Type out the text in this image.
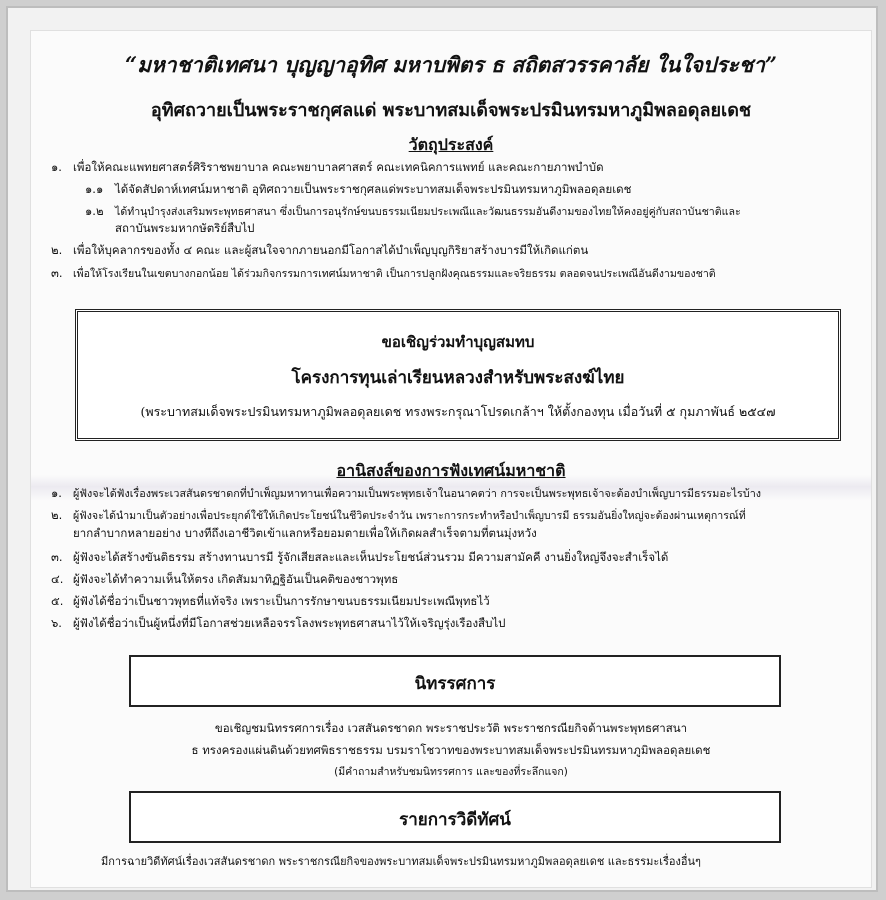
“มหาชาติเทศนา บุญญาอุทิศ มหาบพิตร ธ สถิตสวรรคาลัย ในใจประชา”
อุทิศถวายเป็นพระราชกุศลแด่ พระบาทสมเด็จพระปรมินทรมหาภูมิพลอดุลยเดช
วัตถุประสงค์
๑. เพื่อให้คณะแพทยศาสตร์ศิริราชพยาบาล คณะพยาบาลศาสตร์ คณะเทคนิคการแพทย์ และคณะกายภาพบำบัด
๑.๑ ได้จัดสัปดาห์เทศน์มหาชาติ อุทิศถวายเป็นพระราชกุศลแด่พระบาทสมเด็จพระปรมินทรมหาภูมิพลอดุลยเดช
๑.๒ ได้ทำนุบำรุงส่งเสริมพระพุทธศาสนา ซึ่งเป็นการอนุรักษ์ขนบธรรมเนียมประเพณีและวัฒนธรรมอันดีงามของไทยให้คงอยู่คู่กับสถาบันชาติและ
สถาบันพระมหากษัตริย์สืบไป
๒. เพื่อให้บุคลากรของทั้ง ๔ คณะ และผู้สนใจจากภายนอกมีโอกาสได้บำเพ็ญบุญกิริยาสร้างบารมีให้เกิดแก่ตน
๓. เพื่อให้โรงเรียนในเขตบางกอกน้อย ได้ร่วมกิจกรรมการเทศน์มหาชาติ เป็นการปลูกฝังคุณธรรมและจริยธรรม ตลอดจนประเพณีอันดีงามของชาติ
ขอเชิญร่วมทำบุญสมทบ
โครงการทุนเล่าเรียนหลวงสำหรับพระสงฆ์ไทย
(พระบาทสมเด็จพระปรมินทรมหาภูมิพลอดุลยเดช ทรงพระกรุณาโปรดเกล้าฯ ให้ตั้งกองทุน เมื่อวันที่ ๕ กุมภาพันธ์ ๒๕๔๗
อานิสงส์ของการฟังเทศน์มหาชาติ
๑. ผู้ฟังจะได้ฟังเรื่องพระเวสสันดรชาดกที่บำเพ็ญมหาทานเพื่อความเป็นพระพุทธเจ้าในอนาคตว่า การจะเป็นพระพุทธเจ้าจะต้องบำเพ็ญบารมีธรรมอะไรบ้าง
๒. ผู้ฟังจะได้นำมาเป็นตัวอย่างเพื่อประยุกต์ใช้ให้เกิดประโยชน์ในชีวิตประจำวัน เพราะการกระทำหรือบำเพ็ญบารมี ธรรมอันยิ่งใหญ่จะต้องผ่านเหตุการณ์ที่
ยากลำบากหลายอย่าง บางทีถึงเอาชีวิตเข้าแลกหรือยอมตายเพื่อให้เกิดผลสำเร็จตามที่ตนมุ่งหวัง
๓. ผู้ฟังจะได้สร้างขันติธรรม สร้างทานบารมี รู้จักเสียสละและเห็นประโยชน์ส่วนรวม มีความสามัคคี งานยิ่งใหญ่จึงจะสำเร็จได้
๔. ผู้ฟังจะได้ทำความเห็นให้ตรง เกิดสัมมาทิฏฐิอันเป็นคติของชาวพุทธ
๕. ผู้ฟังได้ชื่อว่าเป็นชาวพุทธที่แท้จริง เพราะเป็นการรักษาขนบธรรมเนียมประเพณีพุทธไว้
๖. ผู้ฟังได้ชื่อว่าเป็นผู้หนึ่งที่มีโอกาสช่วยเหลือจรรโลงพระพุทธศาสนาไว้ให้เจริญรุ่งเรืองสืบไป
นิทรรศการ
ขอเชิญชมนิทรรศการเรื่อง เวสสันดรชาดก พระราชประวัติ พระราชกรณียกิจด้านพระพุทธศาสนา
ธ ทรงครองแผ่นดินด้วยทศพิธราชธรรม บรมราโชวาทของพระบาทสมเด็จพระปรมินทรมหาภูมิพลอดุลยเดช
(มีคำถามสำหรับชมนิทรรศการ และของที่ระลึกแจก)
รายการวิดีทัศน์
มีการฉายวิดีทัศน์เรื่องเวสสันดรชาดก พระราชกรณียกิจของพระบาทสมเด็จพระปรมินทรมหาภูมิพลอดุลยเดช และธรรมะเรื่องอื่นๆ
